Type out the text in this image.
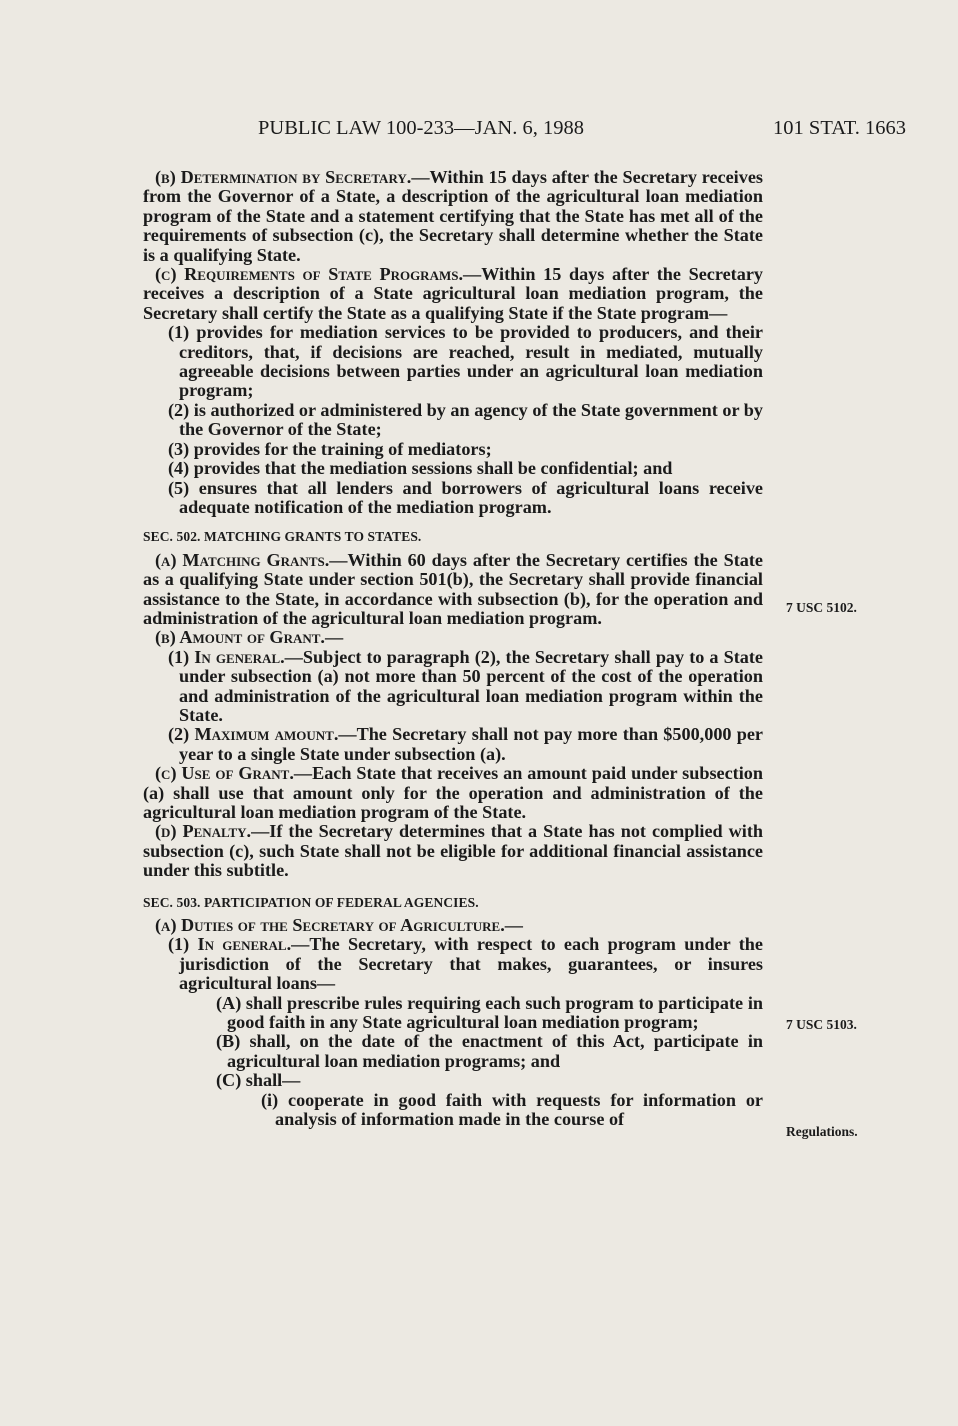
PUBLIC LAW 100-233—JAN. 6, 1988	101 STAT. 1663
7 USC 5102.
7 USC 5103.
Regulations.

(b) Determination by Secretary.—Within 15 days after the Secretary receives from the Governor of a State, a description of the agricultural loan mediation program of the State and a statement certifying that the State has met all of the requirements of subsection (c), the Secretary shall determine whether the State is a qualifying State.

(c) Requirements of State Programs.—Within 15 days after the Secretary receives a description of a State agricultural loan mediation program, the Secretary shall certify the State as a qualifying State if the State program—

(1) provides for mediation services to be provided to producers, and their creditors, that, if decisions are reached, result in mediated, mutually agreeable decisions between parties under an agricultural loan mediation program;

(2) is authorized or administered by an agency of the State government or by the Governor of the State;

(3) provides for the training of mediators;

(4) provides that the mediation sessions shall be confidential; and

(5) ensures that all lenders and borrowers of agricultural loans receive adequate notification of the mediation program.

SEC. 502. MATCHING GRANTS TO STATES.

(a) Matching Grants.—Within 60 days after the Secretary certifies the State as a qualifying State under section 501(b), the Secretary shall provide financial assistance to the State, in accordance with subsection (b), for the operation and administration of the agricultural loan mediation program.

(b) Amount of Grant.—

(1) In general.—Subject to paragraph (2), the Secretary shall pay to a State under subsection (a) not more than 50 percent of the cost of the operation and administration of the agricultural loan mediation program within the State.

(2) Maximum amount.—The Secretary shall not pay more than $500,000 per year to a single State under subsection (a).

(c) Use of Grant.—Each State that receives an amount paid under subsection (a) shall use that amount only for the operation and administration of the agricultural loan mediation program of the State.

(d) Penalty.—If the Secretary determines that a State has not complied with subsection (c), such State shall not be eligible for additional financial assistance under this subtitle.

SEC. 503. PARTICIPATION OF FEDERAL AGENCIES.

(a) Duties of the Secretary of Agriculture.—

(1) In general.—The Secretary, with respect to each program under the jurisdiction of the Secretary that makes, guarantees, or insures agricultural loans—

(A) shall prescribe rules requiring each such program to participate in good faith in any State agricultural loan mediation program;

(B) shall, on the date of the enactment of this Act, participate in agricultural loan mediation programs; and

(C) shall—

(i) cooperate in good faith with requests for information or analysis of information made in the course of
